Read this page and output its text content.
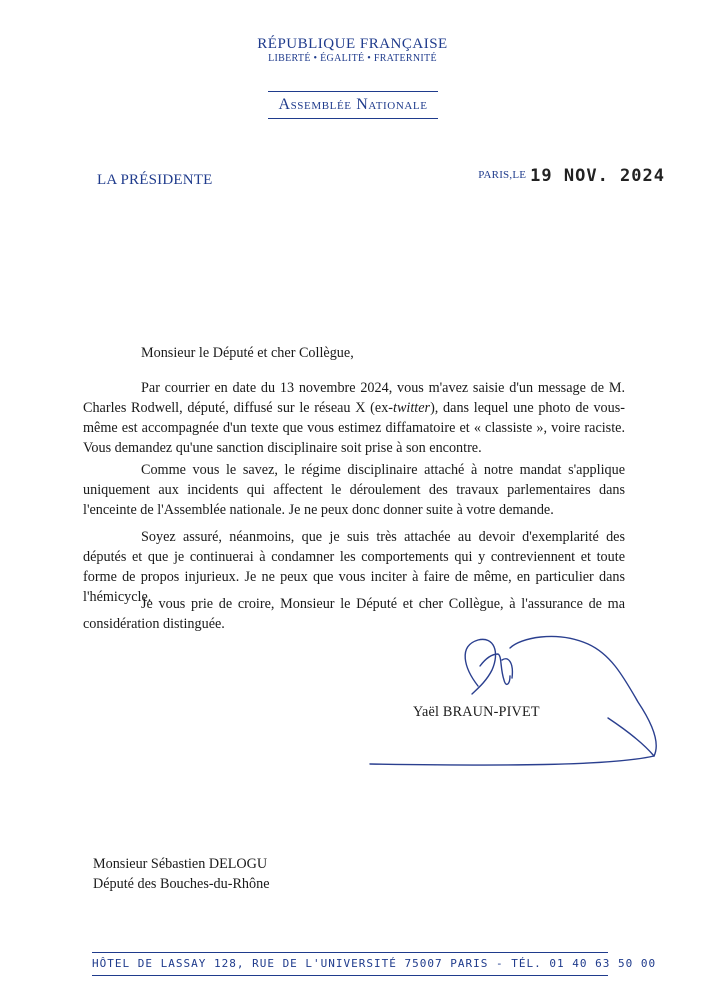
RÉPUBLIQUE FRANÇAISE
LIBERTÉ • ÉGALITÉ • FRATERNITÉ
Assemblée Nationale
LA PRÉSIDENTE	PARIS,LE 19 NOV. 2024
Monsieur le Député et cher Collègue,

Par courrier en date du 13 novembre 2024, vous m'avez saisie d'un message de M. Charles Rodwell, député, diffusé sur le réseau X (ex-twitter), dans lequel une photo de vous-même est accompagnée d'un texte que vous estimez diffamatoire et « classiste », voire raciste. Vous demandez qu'une sanction disciplinaire soit prise à son encontre.

Comme vous le savez, le régime disciplinaire attaché à notre mandat s'applique uniquement aux incidents qui affectent le déroulement des travaux parlementaires dans l'enceinte de l'Assemblée nationale. Je ne peux donc donner suite à votre demande.

Soyez assuré, néanmoins, que je suis très attachée au devoir d'exemplarité des députés et que je continuerai à condamner les comportements qui y contreviennent et toute forme de propos injurieux. Je ne peux que vous inciter à faire de même, en particulier dans l'hémicycle.

Je vous prie de croire, Monsieur le Député et cher Collègue, à l'assurance de ma considération distinguée.

Yaël BRAUN-PIVET
Monsieur Sébastien DELOGU
Député des Bouches-du-Rhône
HÔTEL DE LASSAY 128, RUE DE L'UNIVERSITÉ 75007 PARIS - TÉL. 01 40 63 50 00
